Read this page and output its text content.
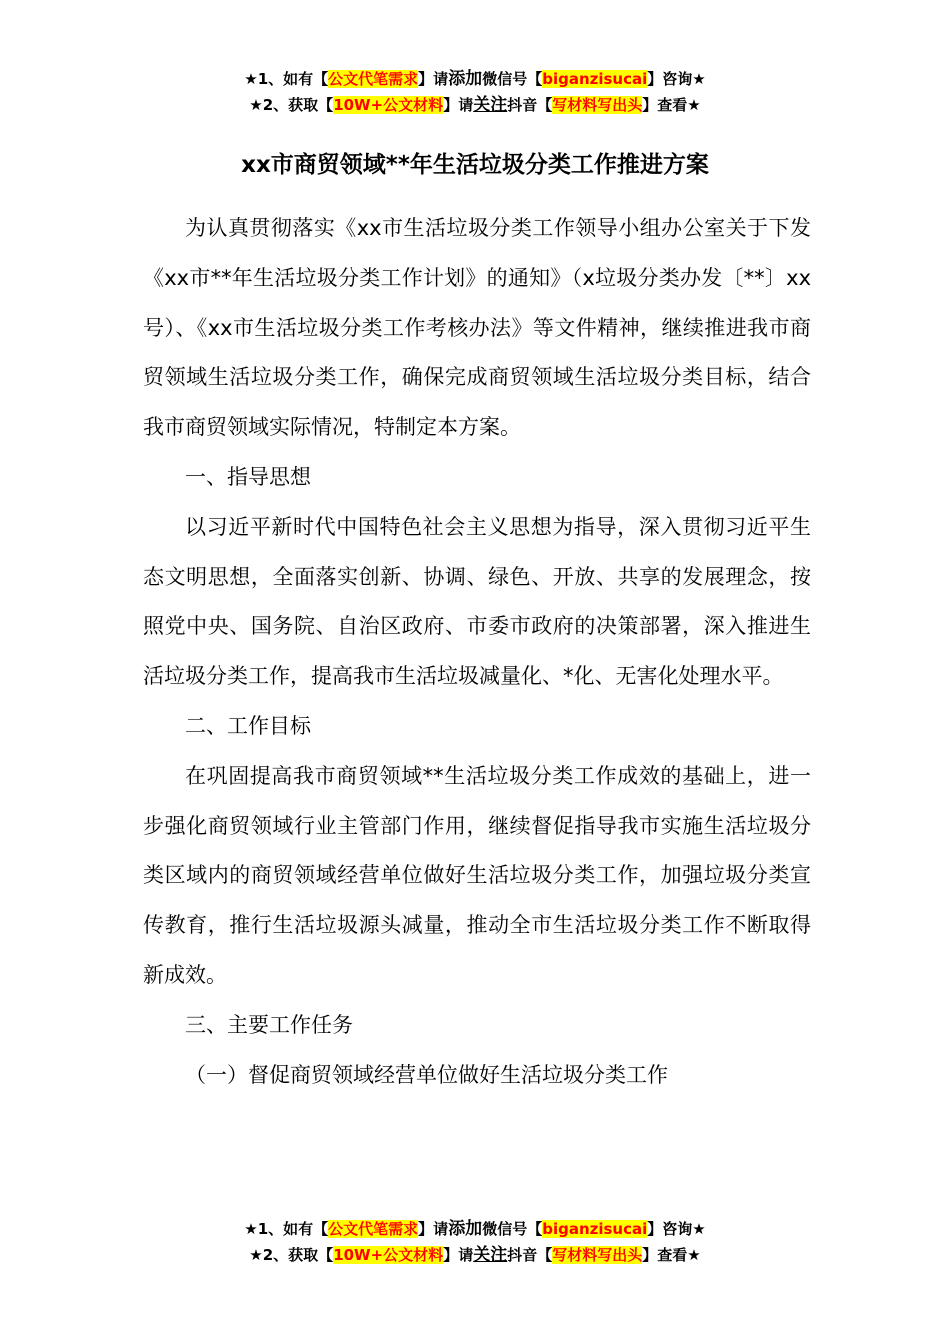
★1、如有【公文代笔需求】请添加微信号【biganzisucai】咨询★
★2、获取【10W+公文材料】请关注抖音【写材料写出头】查看★
xx市商贸领域**年生活垃圾分类工作推进方案

为认真贯彻落实《xx市生活垃圾分类工作领导小组办公室关于下发《xx市**年生活垃圾分类工作计划》的通知》（x垃圾分类办发〔**〕xx号）、《xx市生活垃圾分类工作考核办法》等文件精神，继续推进我市商贸领域生活垃圾分类工作，确保完成商贸领域生活垃圾分类目标，结合我市商贸领域实际情况，特制定本方案。

一、指导思想

以习近平新时代中国特色社会主义思想为指导，深入贯彻习近平生态文明思想，全面落实创新、协调、绿色、开放、共享的发展理念，按照党中央、国务院、自治区政府、市委市政府的决策部署，深入推进生活垃圾分类工作，提高我市生活垃圾减量化、*化、无害化处理水平。

二、工作目标

在巩固提高我市商贸领域**生活垃圾分类工作成效的基础上，进一步强化商贸领域行业主管部门作用，继续督促指导我市实施生活垃圾分类区域内的商贸领域经营单位做好生活垃圾分类工作，加强垃圾分类宣传教育，推行生活垃圾源头减量，推动全市生活垃圾分类工作不断取得新成效。

三、主要工作任务

（一）督促商贸领域经营单位做好生活垃圾分类工作

★1、如有【公文代笔需求】请添加微信号【biganzisucai】咨询★
★2、获取【10W+公文材料】请关注抖音【写材料写出头】查看★
